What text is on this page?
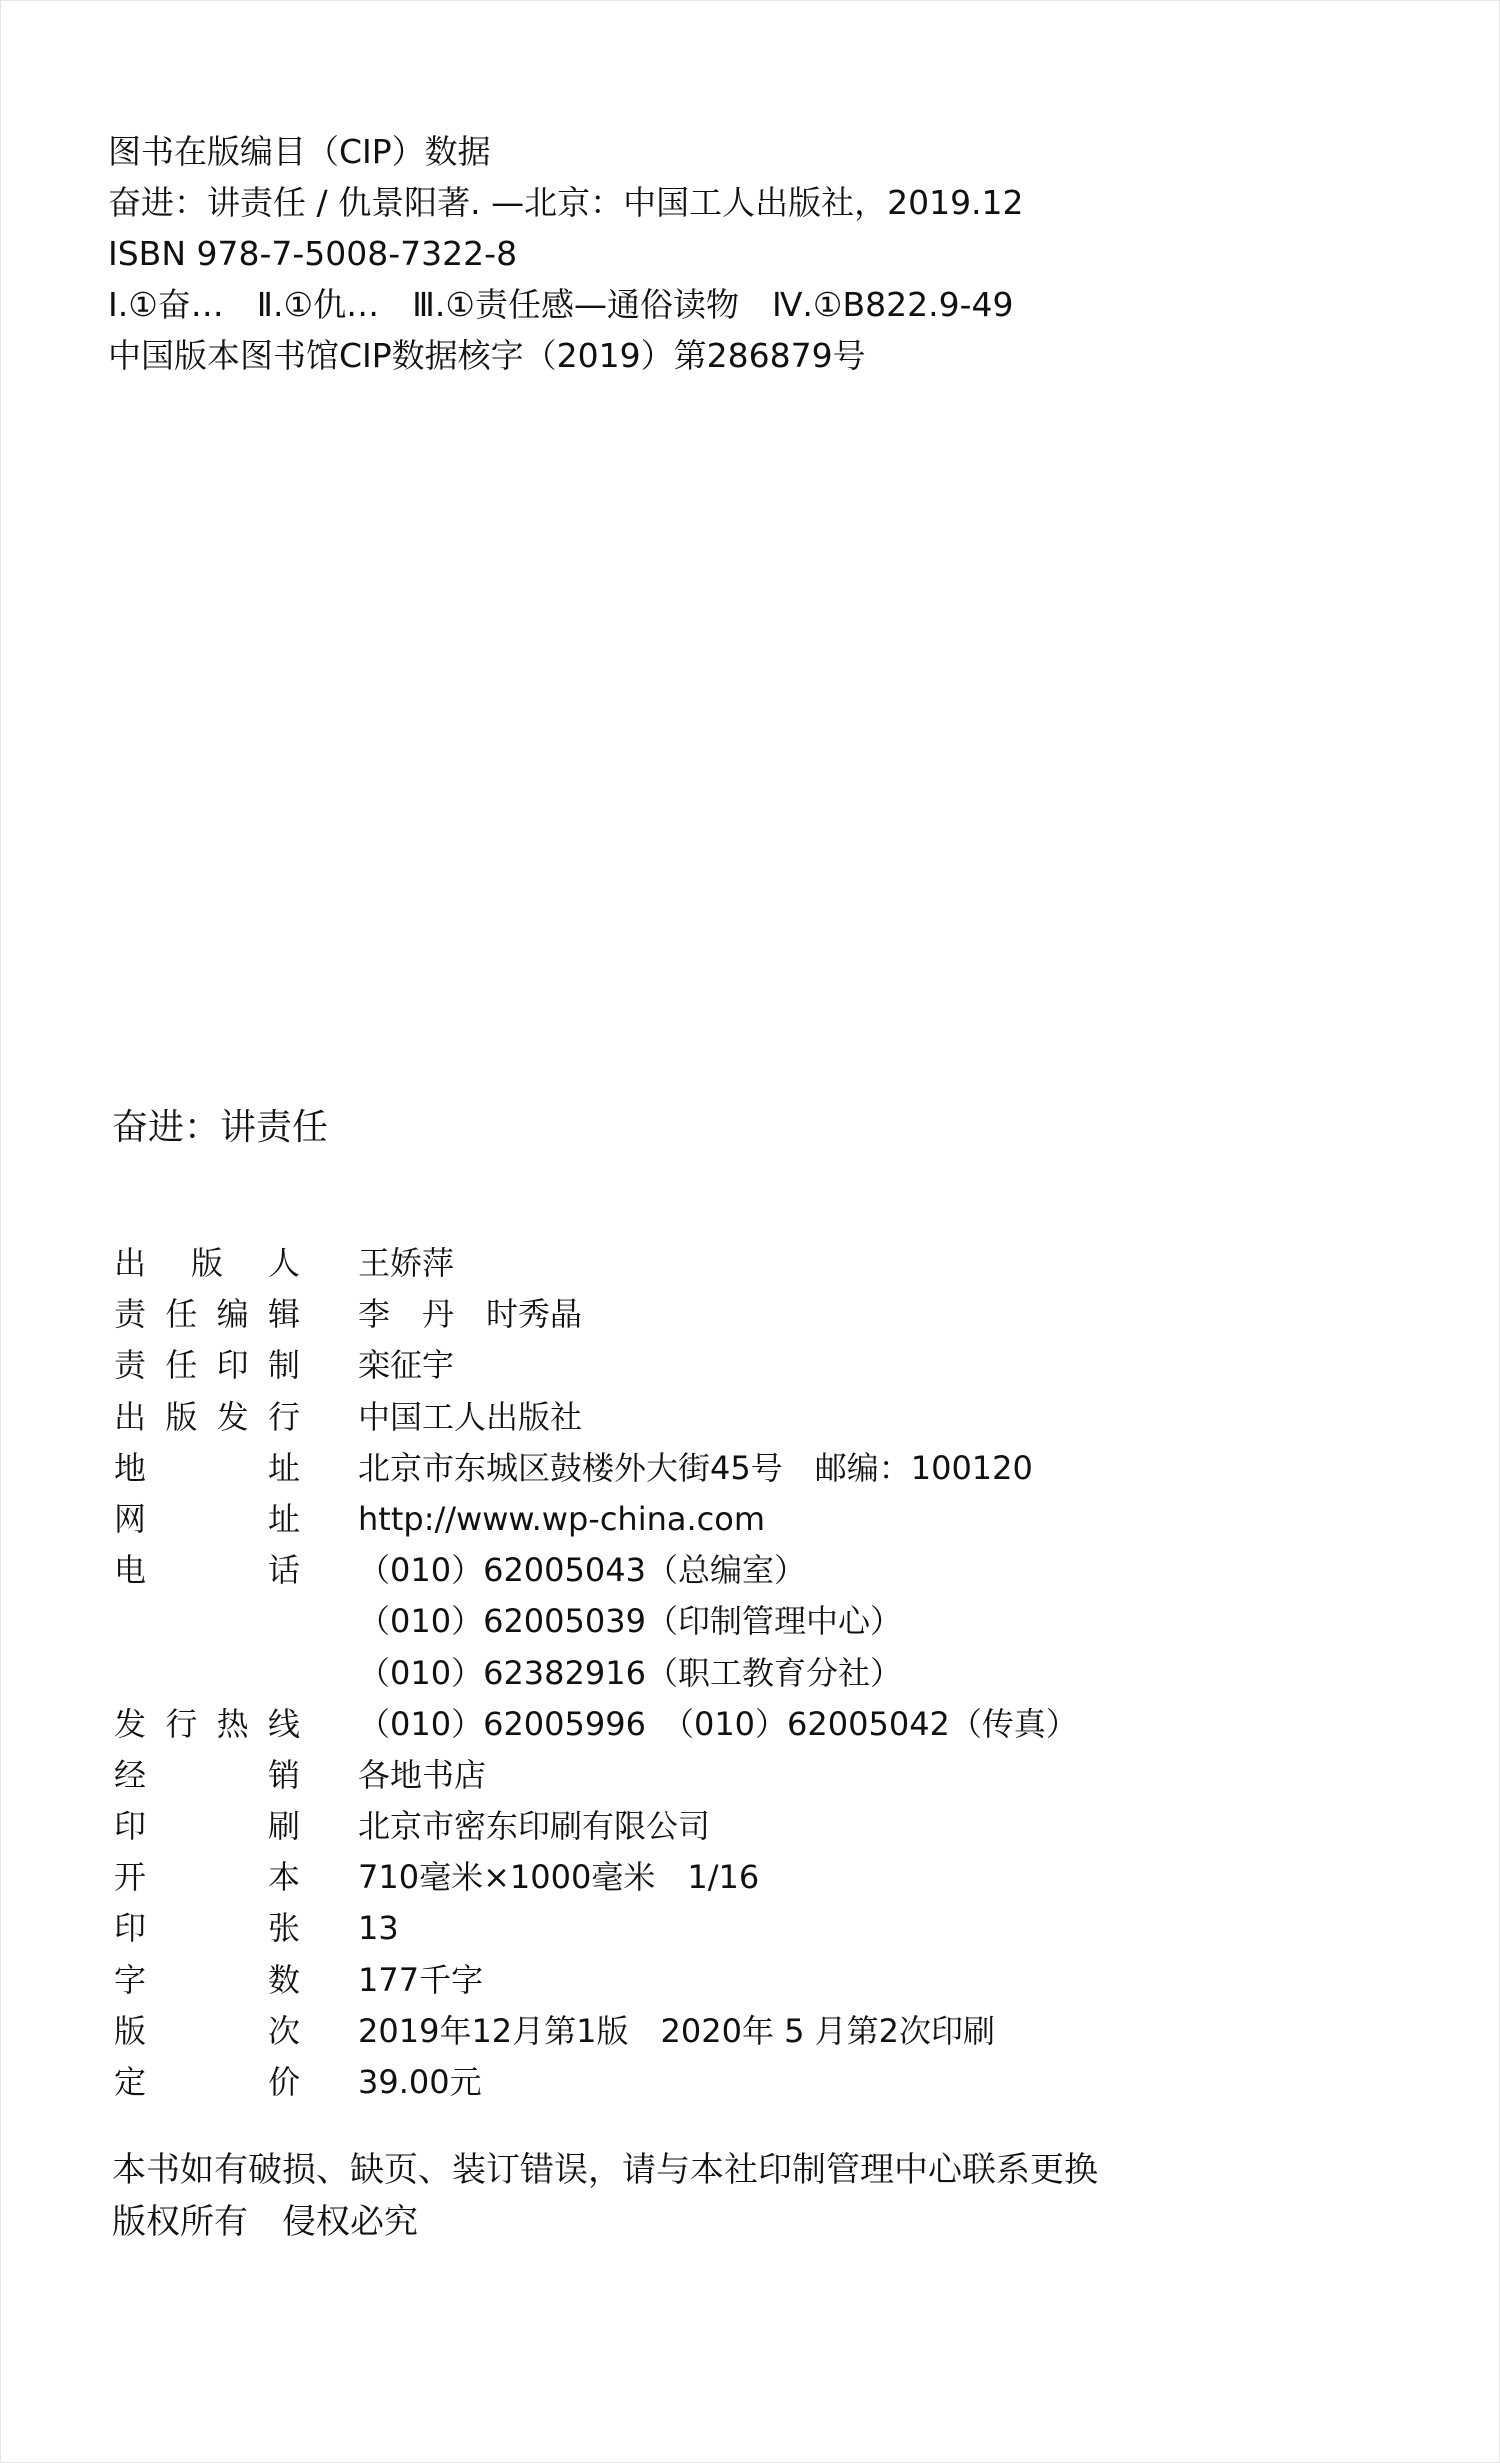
图书在版编目（CIP）数据
奋进：讲责任 / 仇景阳著. —北京：中国工人出版社，2019.12
ISBN 978-7-5008-7322-8
Ⅰ.①奋…　Ⅱ.①仇…　Ⅲ.①责任感—通俗读物　Ⅳ.①B822.9-49
中国版本图书馆CIP数据核字（2019）第286879号
奋进：讲责任
出 版 人 王娇萍
责 任 编 辑 李　丹　时秀晶
责 任 印 制 栾征宇
出 版 发 行 中国工人出版社
地	址 北京市东城区鼓楼外大街45号　邮编：100120
网	址 http://www.wp-china.com
电	话 （010）62005043（总编室）
（010）62005039（印制管理中心）
（010）62382916（职工教育分社）
发 行 热 线 （010）62005996　（010）62005042（传真）
经	销 各地书店
印	刷 北京市密东印刷有限公司
开	本 710毫米×1000毫米　1/16
印	张 13
字	数 177千字
版	次 2019年12月第1版　2020年 5 月第2次印刷
定	价 39.00元
本书如有破损、缺页、装订错误，请与本社印制管理中心联系更换
版权所有　侵权必究
